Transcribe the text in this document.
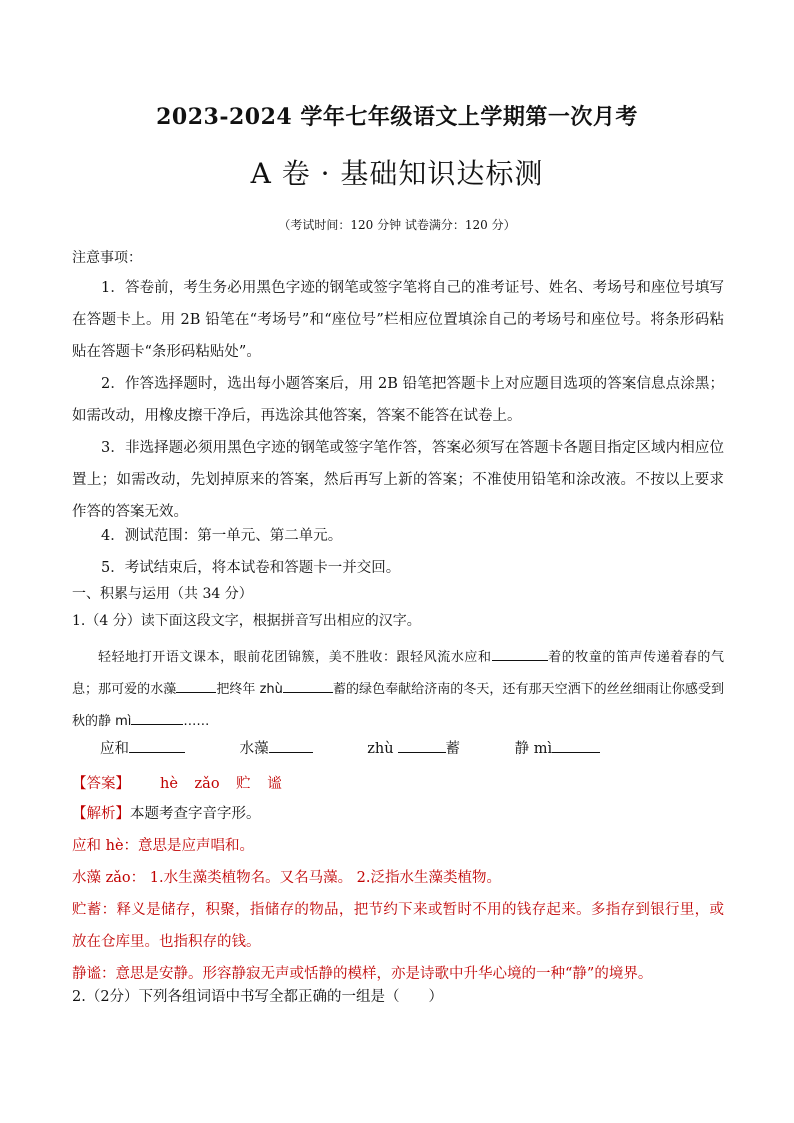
2023-2024 学年七年级语文上学期第一次月考
A 卷 · 基础知识达标测
（考试时间：120 分钟 试卷满分：120 分）
注意事项：
1．答卷前，考生务必用黑色字迹的钢笔或签字笔将自己的准考证号、姓名、考场号和座位号填写在答题卡上。用 2B 铅笔在“考场号”和“座位号”栏相应位置填涂自己的考场号和座位号。将条形码粘贴在答题卡“条形码粘贴处”。
2．作答选择题时，选出每小题答案后，用 2B 铅笔把答题卡上对应题目选项的答案信息点涂黑；如需改动，用橡皮擦干净后，再选涂其他答案，答案不能答在试卷上。
3．非选择题必须用黑色字迹的钢笔或签字笔作答，答案必须写在答题卡各题目指定区域内相应位置上；如需改动，先划掉原来的答案，然后再写上新的答案；不准使用铅笔和涂改液。不按以上要求作答的答案无效。
4．测试范围：第一单元、第二单元。
5．考试结束后，将本试卷和答题卡一并交回。
一、积累与运用（共 34 分）
1.（4 分）读下面这段文字，根据拼音写出相应的汉字。
轻轻地打开语文课本，眼前花团锦簇，美不胜收：跟轻风流水应和	着的牧童的笛声传递着春的气息；那可爱的水藻	把终年 zhù	蓄的绿色奉献给济南的冬天，还有那天空洒下的丝丝细雨让你感受到秋的静 mì	……
应和	水藻	zhù	蓄	静 mì
【答案】 hè zǎo 贮 谧
【解析】本题考查字音字形。
应和 hè：意思是应声唱和。
水藻 zǎo： 1.水生藻类植物名。又名马藻。 2.泛指水生藻类植物。
贮蓄：释义是储存，积聚，指储存的物品，把节约下来或暂时不用的钱存起来。多指存到银行里，或放在仓库里。也指积存的钱。
静谧：意思是安静。形容静寂无声或恬静的模样，亦是诗歌中升华心境的一种“静”的境界。
2.（2分）下列各组词语中书写全都正确的一组是（　　）
